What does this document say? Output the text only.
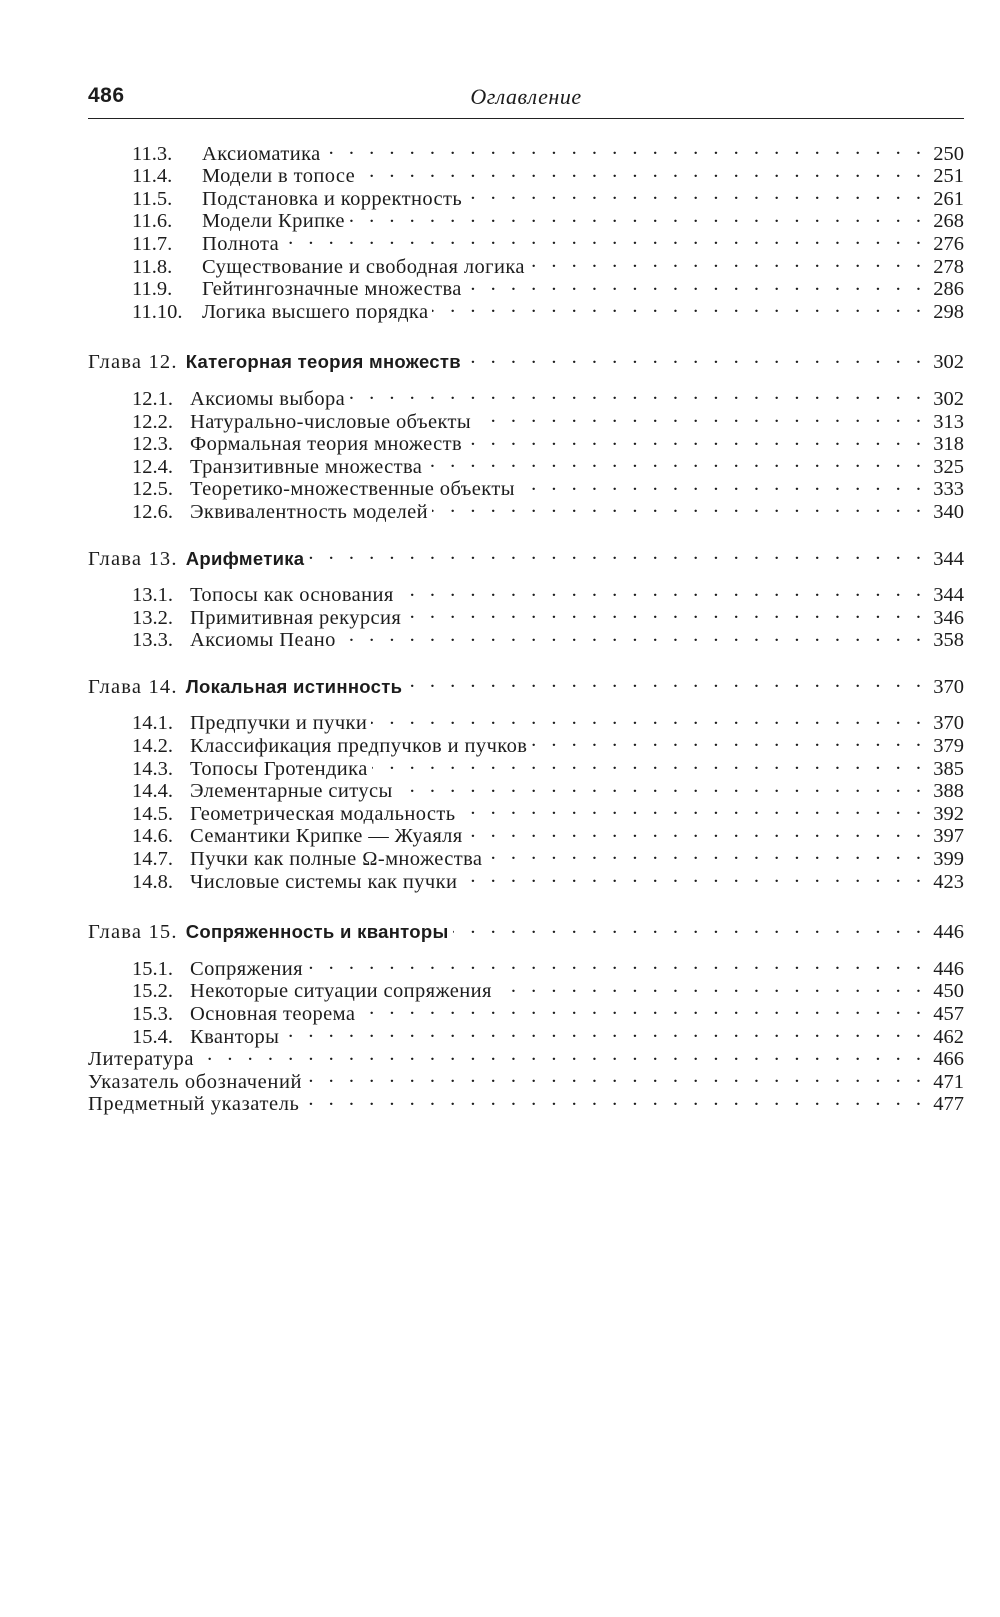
Оглавление
486
11.3.	Аксиоматика . . .	250
11.4.	Модели в топосе . . .	251
11.5.	Подстановка и корректность . . .	261
11.6.	Модели Крипке . . .	268
11.7.	Полнота . . .	276
11.8.	Существование и свободная логика . . .	278
11.9.	Гейтингозначные множества . . .	286
11.10. Логика высшего порядка . . .	298
Глава 12. Категорная теория множеств . . .	302
12.1. Аксиомы выбора . . .	302
12.2. Натурально-числовые объекты . . .	313
12.3. Формальная теория множеств . . .	318
12.4. Транзитивные множества . . .	325
12.5. Теоретико-множественные объекты . . .	333
12.6. Эквивалентность моделей . . .	340
Глава 13. Арифметика . . .	344
13.1. Топосы как основания . . .	344
13.2. Примитивная рекурсия . . .	346
13.3. Аксиомы Пеано . . .	358
Глава 14. Локальная истинность . . .	370
14.1. Предпучки и пучки . . .	370
14.2. Классификация предпучков и пучков . . .	379
14.3. Топосы Гротендика . . .	385
14.4. Элементарные ситусы . . .	388
14.5. Геометрическая модальность . . .	392
14.6. Семантики Крипке — Жуаяля . . .	397
14.7. Пучки как полные Ω-множества . . .	399
14.8. Числовые системы как пучки . . .	423
Глава 15. Сопряженность и кванторы . . .	446
15.1. Сопряжения . . .	446
15.2. Некоторые ситуации сопряжения . . .	450
15.3. Основная теорема . . .	457
15.4. Кванторы . . .	462
Литература . . .	466
Указатель обозначений . . .	471
Предметный указатель . . .	477
